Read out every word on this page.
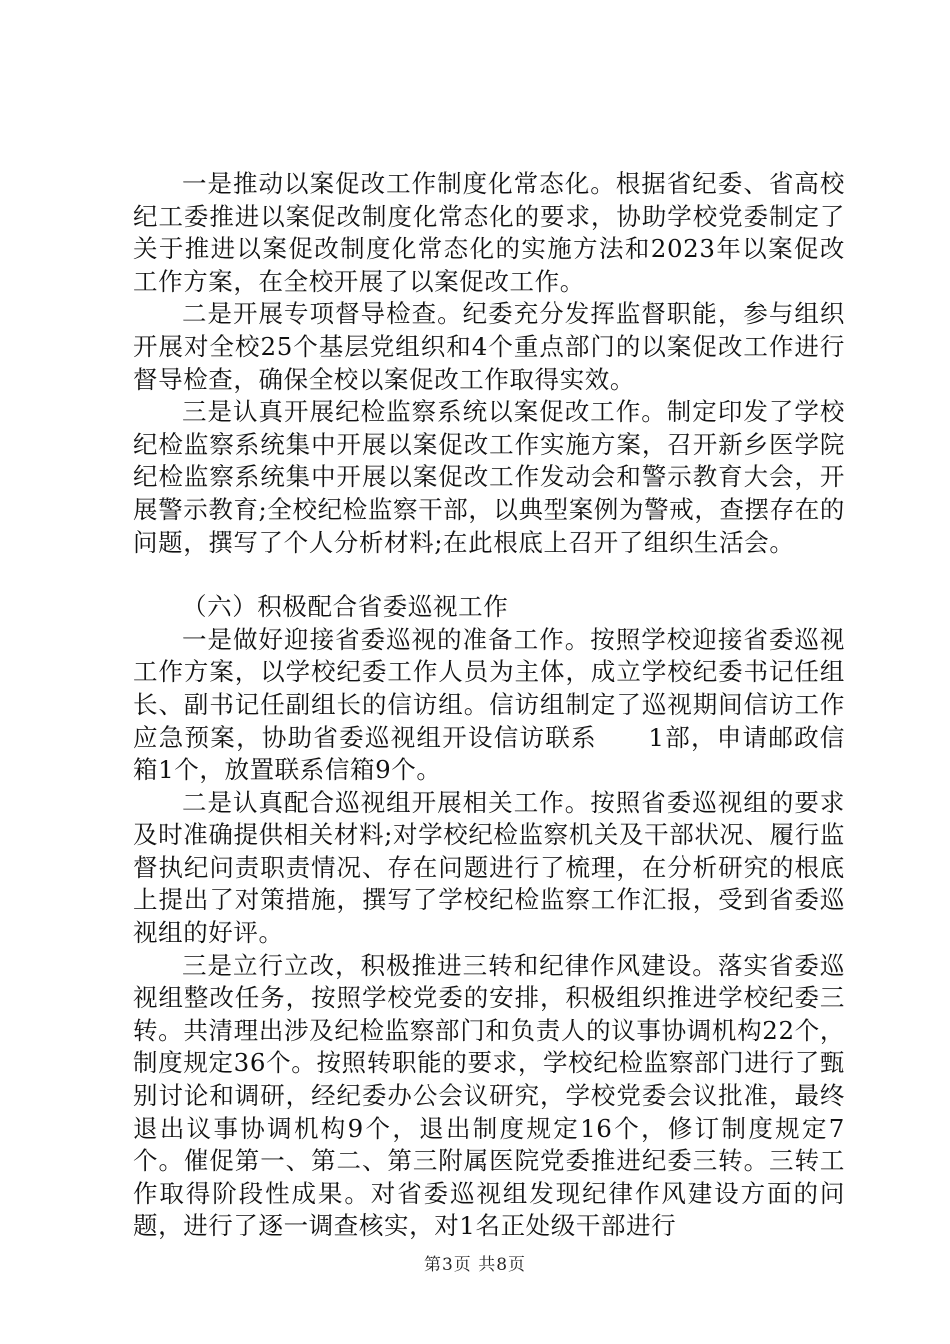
一是推动以案促改工作制度化常态化。根据省纪委、省高校纪工委推进以案促改制度化常态化的要求，协助学校党委制定了关于推进以案促改制度化常态化的实施方法和2023年以案促改工作方案，在全校开展了以案促改工作。

二是开展专项督导检查。纪委充分发挥监督职能，参与组织开展对全校25个基层党组织和4个重点部门的以案促改工作进行督导检查，确保全校以案促改工作取得实效。

三是认真开展纪检监察系统以案促改工作。制定印发了学校纪检监察系统集中开展以案促改工作实施方案，召开新乡医学院纪检监察系统集中开展以案促改工作发动会和警示教育大会，开展警示教育;全校纪检监察干部，以典型案例为警戒，查摆存在的问题，撰写了个人分析材料;在此根底上召开了组织生活会。

（六）积极配合省委巡视工作

一是做好迎接省委巡视的准备工作。按照学校迎接省委巡视工作方案，以学校纪委工作人员为主体，成立学校纪委书记任组长、副书记任副组长的信访组。信访组制定了巡视期间信访工作应急预案，协助省委巡视组开设信访联系　　1部，申请邮政信箱1个，放置联系信箱9个。

二是认真配合巡视组开展相关工作。按照省委巡视组的要求及时准确提供相关材料;对学校纪检监察机关及干部状况、履行监督执纪问责职责情况、存在问题进行了梳理，在分析研究的根底上提出了对策措施，撰写了学校纪检监察工作汇报，受到省委巡视组的好评。

三是立行立改，积极推进三转和纪律作风建设。落实省委巡视组整改任务，按照学校党委的安排，积极组织推进学校纪委三转。共清理出涉及纪检监察部门和负责人的议事协调机构22个，制度规定36个。按照转职能的要求，学校纪检监察部门进行了甄别讨论和调研，经纪委办公会议研究，学校党委会议批准，最终退出议事协调机构9个，退出制度规定16个，修订制度规定7个。催促第一、第二、第三附属医院党委推进纪委三转。三转工作取得阶段性成果。对省委巡视组发现纪律作风建设方面的问题，进行了逐一调查核实，对1名正处级干部进行

第3页 共8页
